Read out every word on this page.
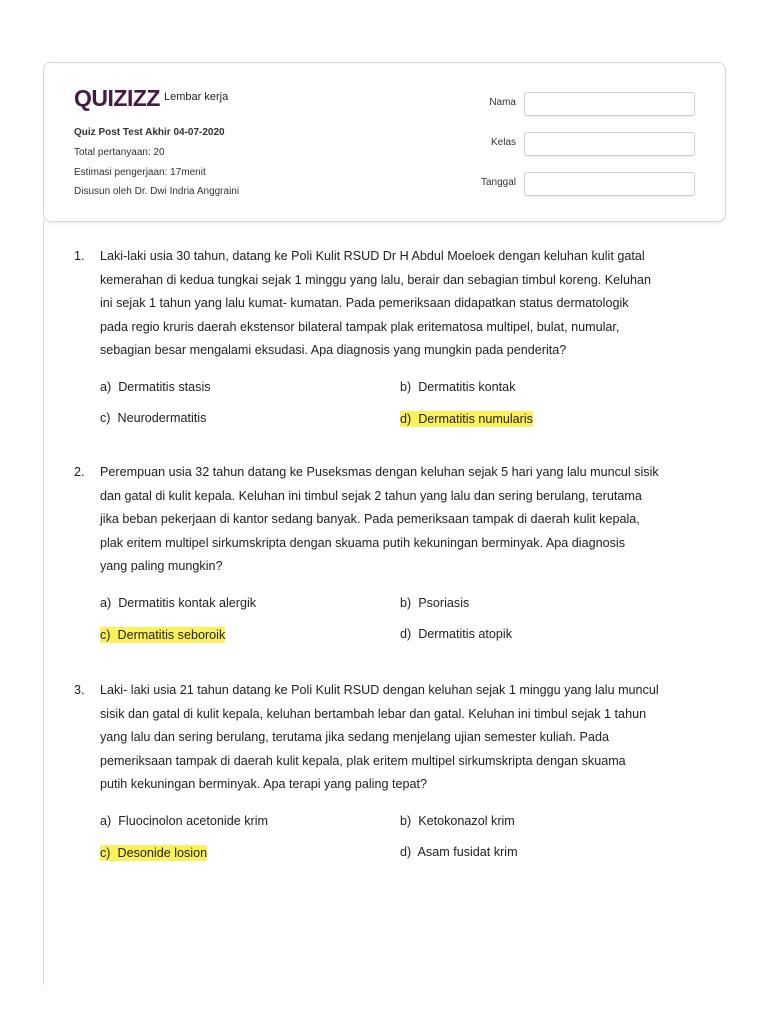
QUIZIZZ Lembar kerja
Quiz Post Test Akhir 04-07-2020
Total pertanyaan: 20
Estimasi pengerjaan: 17menit
Disusun oleh Dr. Dwi Indria Anggraini
Nama
Kelas
Tanggal
1. Laki-laki usia 30 tahun, datang ke Poli Kulit RSUD Dr H Abdul Moeloek dengan keluhan kulit gatal
kemerahan di kedua tungkai sejak 1 minggu yang lalu, berair dan sebagian timbul koreng. Keluhan
ini sejak 1 tahun yang lalu kumat- kumatan. Pada pemeriksaan didapatkan status dermatologik
pada regio kruris daerah ekstensor bilateral tampak plak eritematosa multipel, bulat, numular,
sebagian besar mengalami eksudasi. Apa diagnosis yang mungkin pada penderita?
a) Dermatitis stasis	b) Dermatitis kontak
c) Neurodermatitis	d) Dermatitis numularis
2. Perempuan usia 32 tahun datang ke Puseksmas dengan keluhan sejak 5 hari yang lalu muncul sisik
dan gatal di kulit kepala. Keluhan ini timbul sejak 2 tahun yang lalu dan sering berulang, terutama
jika beban pekerjaan di kantor sedang banyak. Pada pemeriksaan tampak di daerah kulit kepala,
plak eritem multipel sirkumskripta dengan skuama putih kekuningan berminyak. Apa diagnosis
yang paling mungkin?
a) Dermatitis kontak alergik	b) Psoriasis
c) Dermatitis seboroik	d) Dermatitis atopik
3. Laki- laki usia 21 tahun datang ke Poli Kulit RSUD dengan keluhan sejak 1 minggu yang lalu muncul
sisik dan gatal di kulit kepala, keluhan bertambah lebar dan gatal. Keluhan ini timbul sejak 1 tahun
yang lalu dan sering berulang, terutama jika sedang menjelang ujian semester kuliah. Pada
pemeriksaan tampak di daerah kulit kepala, plak eritem multipel sirkumskripta dengan skuama
putih kekuningan berminyak. Apa terapi yang paling tepat?
a) Fluocinolon acetonide krim	b) Ketokonazol krim
c) Desonide losion	d) Asam fusidat krim
